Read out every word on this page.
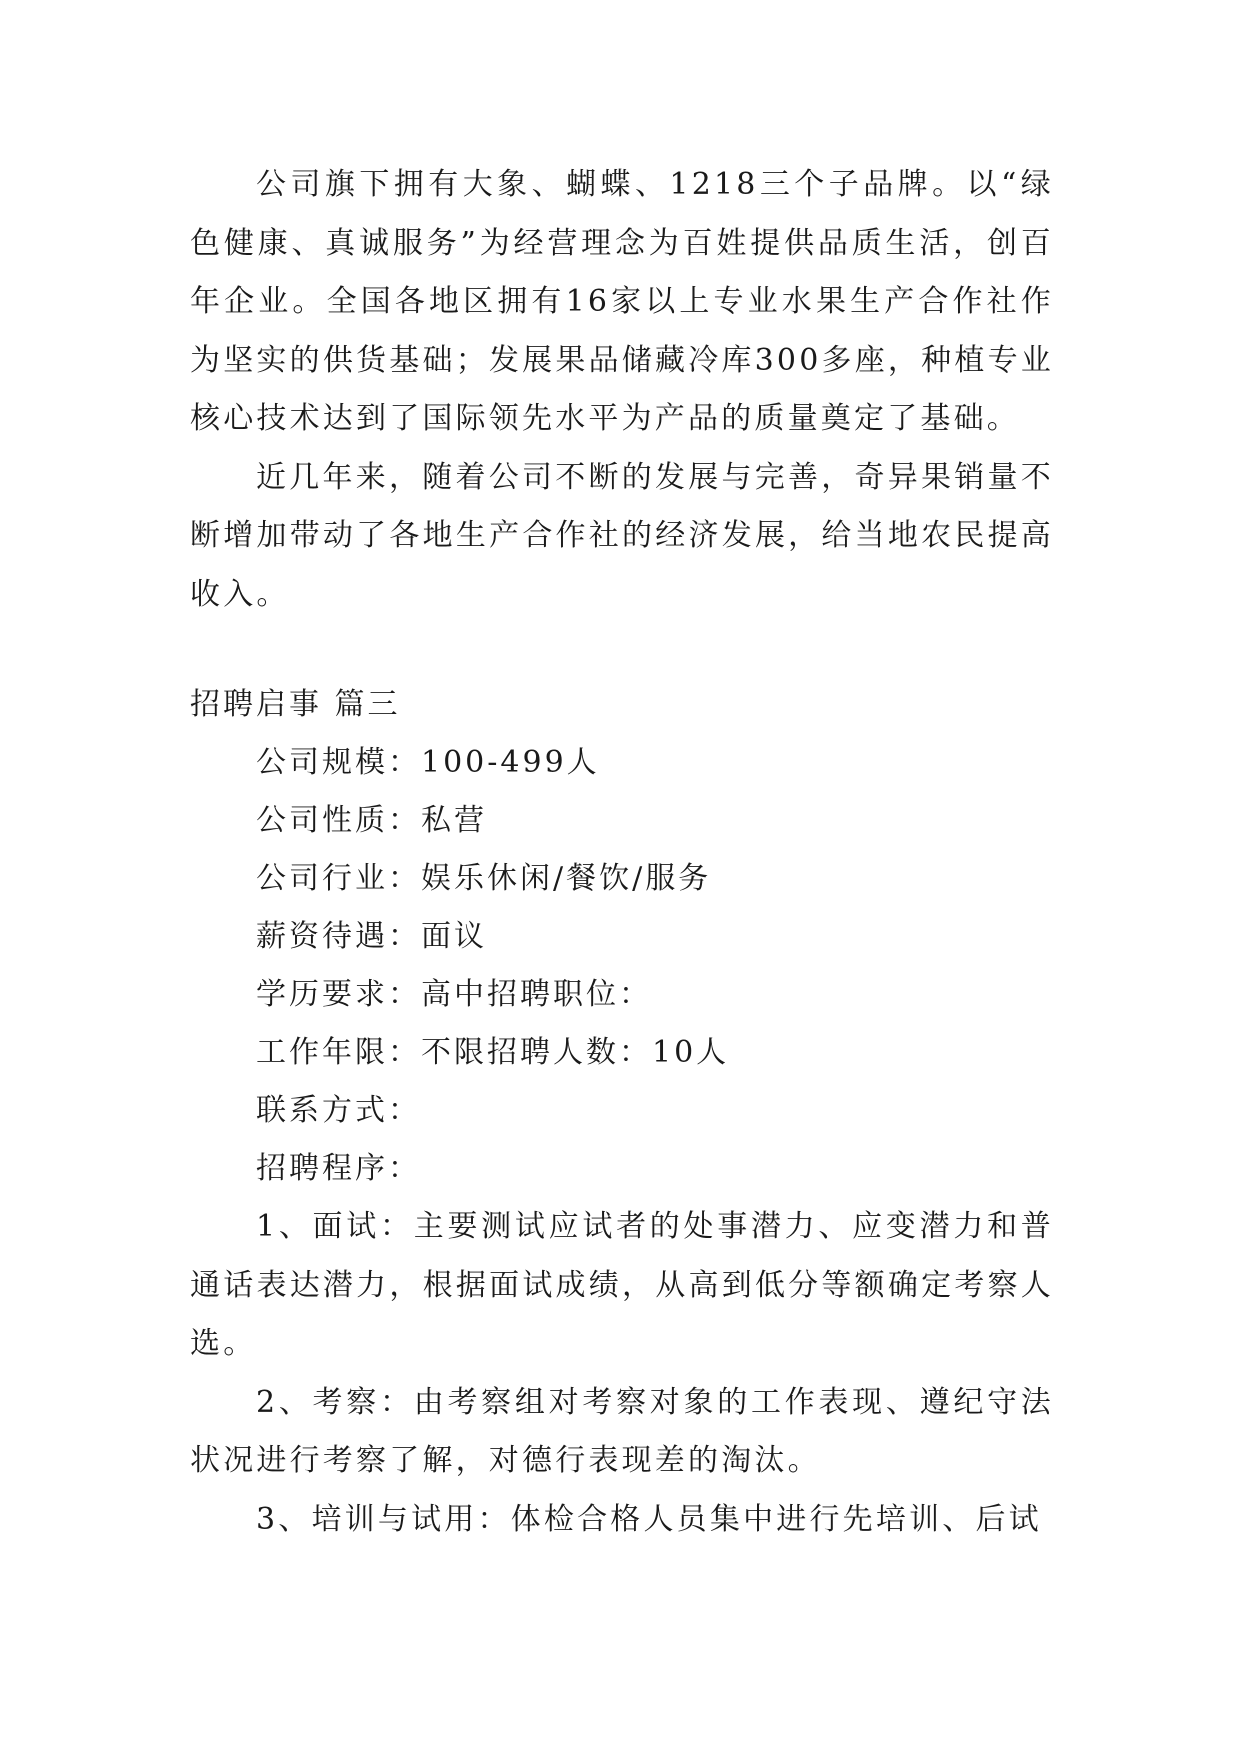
公司旗下拥有大象、蝴蝶、1218三个子品牌。以“绿色健康、真诚服务”为经营理念为百姓提供品质生活，创百年企业。全国各地区拥有16家以上专业水果生产合作社作为坚实的供货基础；发展果品储藏冷库300多座，种植专业核心技术达到了国际领先水平为产品的质量奠定了基础。

近几年来，随着公司不断的发展与完善，奇异果销量不断增加带动了各地生产合作社的经济发展，给当地农民提高收入。

招聘启事 篇三

公司规模：100-499人

公司性质：私营

公司行业：娱乐休闲/餐饮/服务

薪资待遇：面议

学历要求：高中招聘职位：

工作年限：不限招聘人数：10人

联系方式：

招聘程序：

1、面试：主要测试应试者的处事潜力、应变潜力和普通话表达潜力，根据面试成绩，从高到低分等额确定考察人选。

2、考察：由考察组对考察对象的工作表现、遵纪守法状况进行考察了解，对德行表现差的淘汰。

3、培训与试用：体检合格人员集中进行先培训、后试
